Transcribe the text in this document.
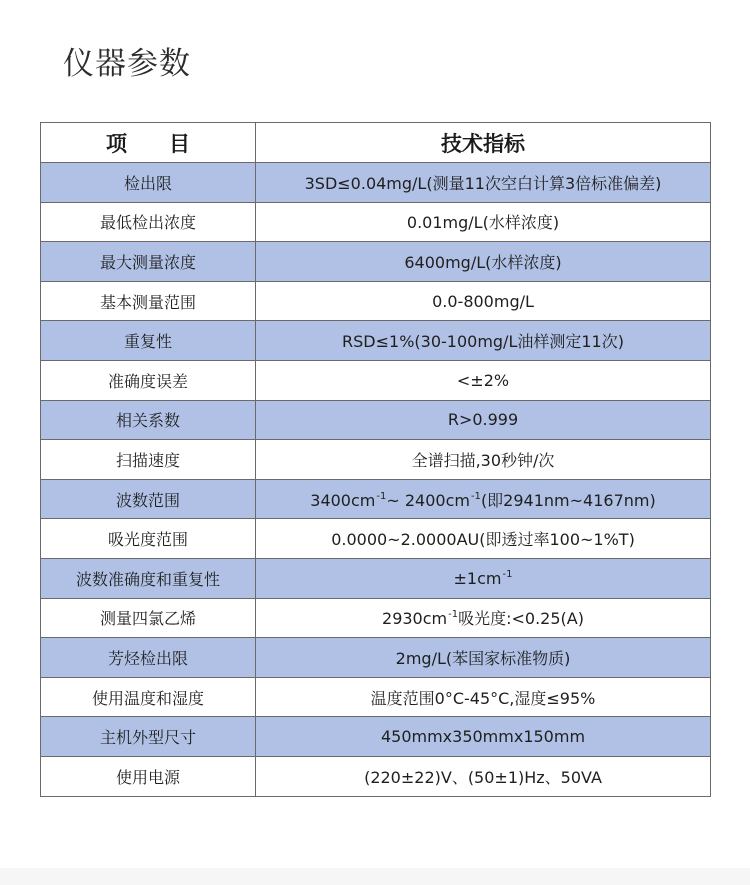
仪器参数
项　　目	技术指标
检出限	3SD≤0.04mg/L(测量11次空白计算3倍标准偏差)
最低检出浓度	0.01mg/L(水样浓度)
最大测量浓度	6400mg/L(水样浓度)
基本测量范围	0.0-800mg/L
重复性	RSD≤1%(30-100mg/L油样测定11次)
准确度误差	<±2%
相关系数	R>0.999
扫描速度	全谱扫描,30秒钟/次
波数范围	$3400cm^{-1}\sim$ $2400cm^{-1}$(即2941nm~4167nm)
吸光度范围	0.0000~2.0000AU(即透过率100~1%T)
波数准确度和重复性	$\pm 1cm^{-1}$
测量四氯乙烯	$2930cm^{-1}$吸光度:<0.25(A)
芳烃检出限	2mg/L(苯国家标准物质)
使用温度和湿度	温度范围0°C-45°C,湿度≤95%
主机外型尺寸	450mmx350mmx150mm
使用电源	(220±22)V、(50±1)Hz、50VA
